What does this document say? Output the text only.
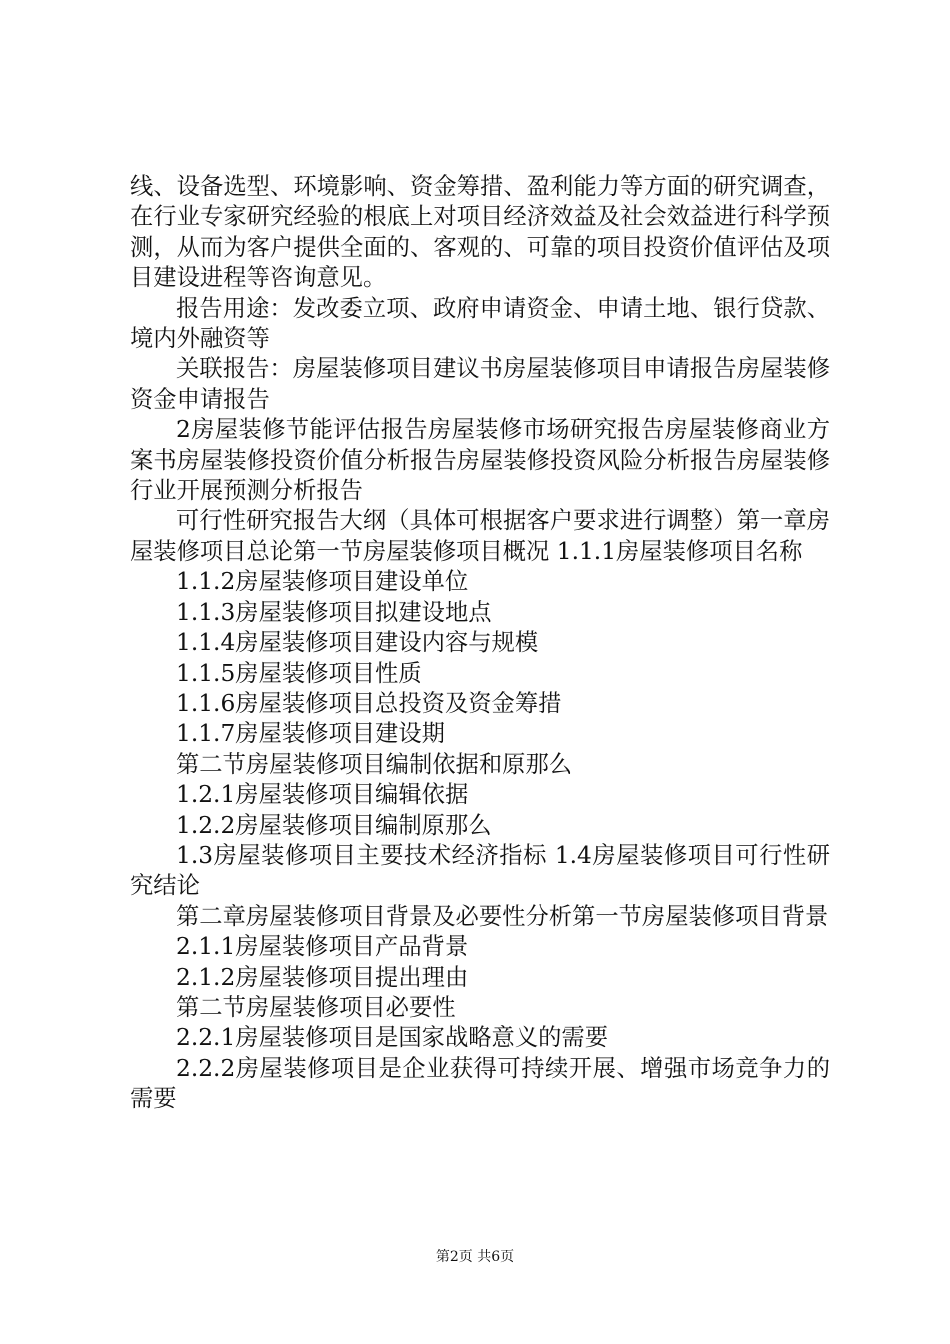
线、设备选型、环境影响、资金筹措、盈利能力等方面的研究调查，在行业专家研究经验的根底上对项目经济效益及社会效益进行科学预测，从而为客户提供全面的、客观的、可靠的项目投资价值评估及项目建设进程等咨询意见。

报告用途：发改委立项、政府申请资金、申请土地、银行贷款、境内外融资等

关联报告：房屋装修项目建议书房屋装修项目申请报告房屋装修资金申请报告

2房屋装修节能评估报告房屋装修市场研究报告房屋装修商业方案书房屋装修投资价值分析报告房屋装修投资风险分析报告房屋装修行业开展预测分析报告

可行性研究报告大纲（具体可根据客户要求进行调整）第一章房屋装修项目总论第一节房屋装修项目概况 1.1.1房屋装修项目名称

1.1.2房屋装修项目建设单位

1.1.3房屋装修项目拟建设地点

1.1.4房屋装修项目建设内容与规模

1.1.5房屋装修项目性质

1.1.6房屋装修项目总投资及资金筹措

1.1.7房屋装修项目建设期

第二节房屋装修项目编制依据和原那么

1.2.1房屋装修项目编辑依据

1.2.2房屋装修项目编制原那么

1.3房屋装修项目主要技术经济指标 1.4房屋装修项目可行性研究结论

第二章房屋装修项目背景及必要性分析第一节房屋装修项目背景

2.1.1房屋装修项目产品背景

2.1.2房屋装修项目提出理由

第二节房屋装修项目必要性

2.2.1房屋装修项目是国家战略意义的需要

2.2.2房屋装修项目是企业获得可持续开展、增强市场竞争力的需要

第2页 共6页
